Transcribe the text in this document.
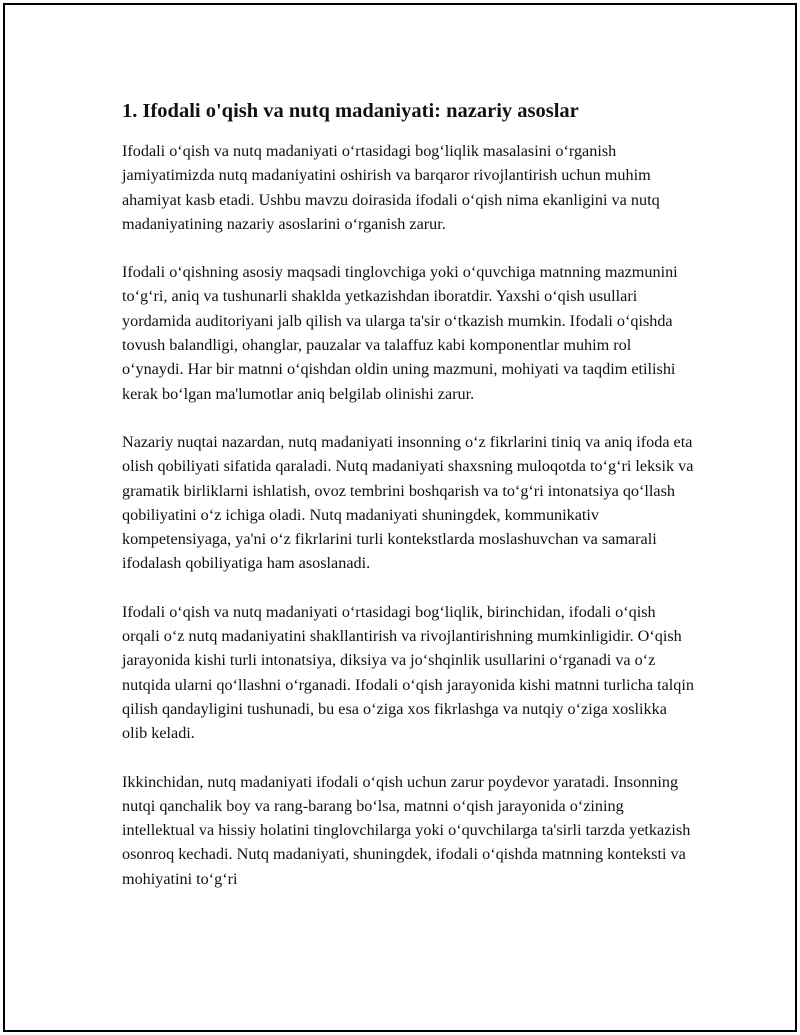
1. Ifodali o'qish va nutq madaniyati: nazariy asoslar

Ifodali o‘qish va nutq madaniyati o‘rtasidagi bog‘liqlik masalasini o‘rganish jamiyatimizda nutq madaniyatini oshirish va barqaror rivojlantirish uchun muhim ahamiyat kasb etadi. Ushbu mavzu doirasida ifodali o‘qish nima ekanligini va nutq madaniyatining nazariy asoslarini o‘rganish zarur.

Ifodali o‘qishning asosiy maqsadi tinglovchiga yoki o‘quvchiga matnning mazmunini to‘g‘ri, aniq va tushunarli shaklda yetkazishdan iboratdir. Yaxshi o‘qish usullari yordamida auditoriyani jalb qilish va ularga ta'sir o‘tkazish mumkin. Ifodali o‘qishda tovush balandligi, ohanglar, pauzalar va talaffuz kabi komponentlar muhim rol o‘ynaydi. Har bir matnni o‘qishdan oldin uning mazmuni, mohiyati va taqdim etilishi kerak bo‘lgan ma'lumotlar aniq belgilab olinishi zarur.

Nazariy nuqtai nazardan, nutq madaniyati insonning o‘z fikrlarini tiniq va aniq ifoda eta olish qobiliyati sifatida qaraladi. Nutq madaniyati shaxsning muloqotda to‘g‘ri leksik va gramatik birliklarni ishlatish, ovoz tembrini boshqarish va to‘g‘ri intonatsiya qo‘llash qobiliyatini o‘z ichiga oladi. Nutq madaniyati shuningdek, kommunikativ kompetensiyaga, ya'ni o‘z fikrlarini turli kontekstlarda moslashuvchan va samarali ifodalash qobiliyatiga ham asoslanadi.

Ifodali o‘qish va nutq madaniyati o‘rtasidagi bog‘liqlik, birinchidan, ifodali o‘qish orqali o‘z nutq madaniyatini shakllantirish va rivojlantirishning mumkinligidir. O‘qish jarayonida kishi turli intonatsiya, diksiya va jo‘shqinlik usullarini o‘rganadi va o‘z nutqida ularni qo‘llashni o‘rganadi. Ifodali o‘qish jarayonida kishi matnni turlicha talqin qilish qandayligini tushunadi, bu esa o‘ziga xos fikrlashga va nutqiy o‘ziga xoslikka olib keladi.

Ikkinchidan, nutq madaniyati ifodali o‘qish uchun zarur poydevor yaratadi. Insonning nutqi qanchalik boy va rang-barang bo‘lsa, matnni o‘qish jarayonida o‘zining intellektual va hissiy holatini tinglovchilarga yoki o‘quvchilarga ta'sirli tarzda yetkazish osonroq kechadi. Nutq madaniyati, shuningdek, ifodali o‘qishda matnning konteksti va mohiyatini to‘g‘ri
